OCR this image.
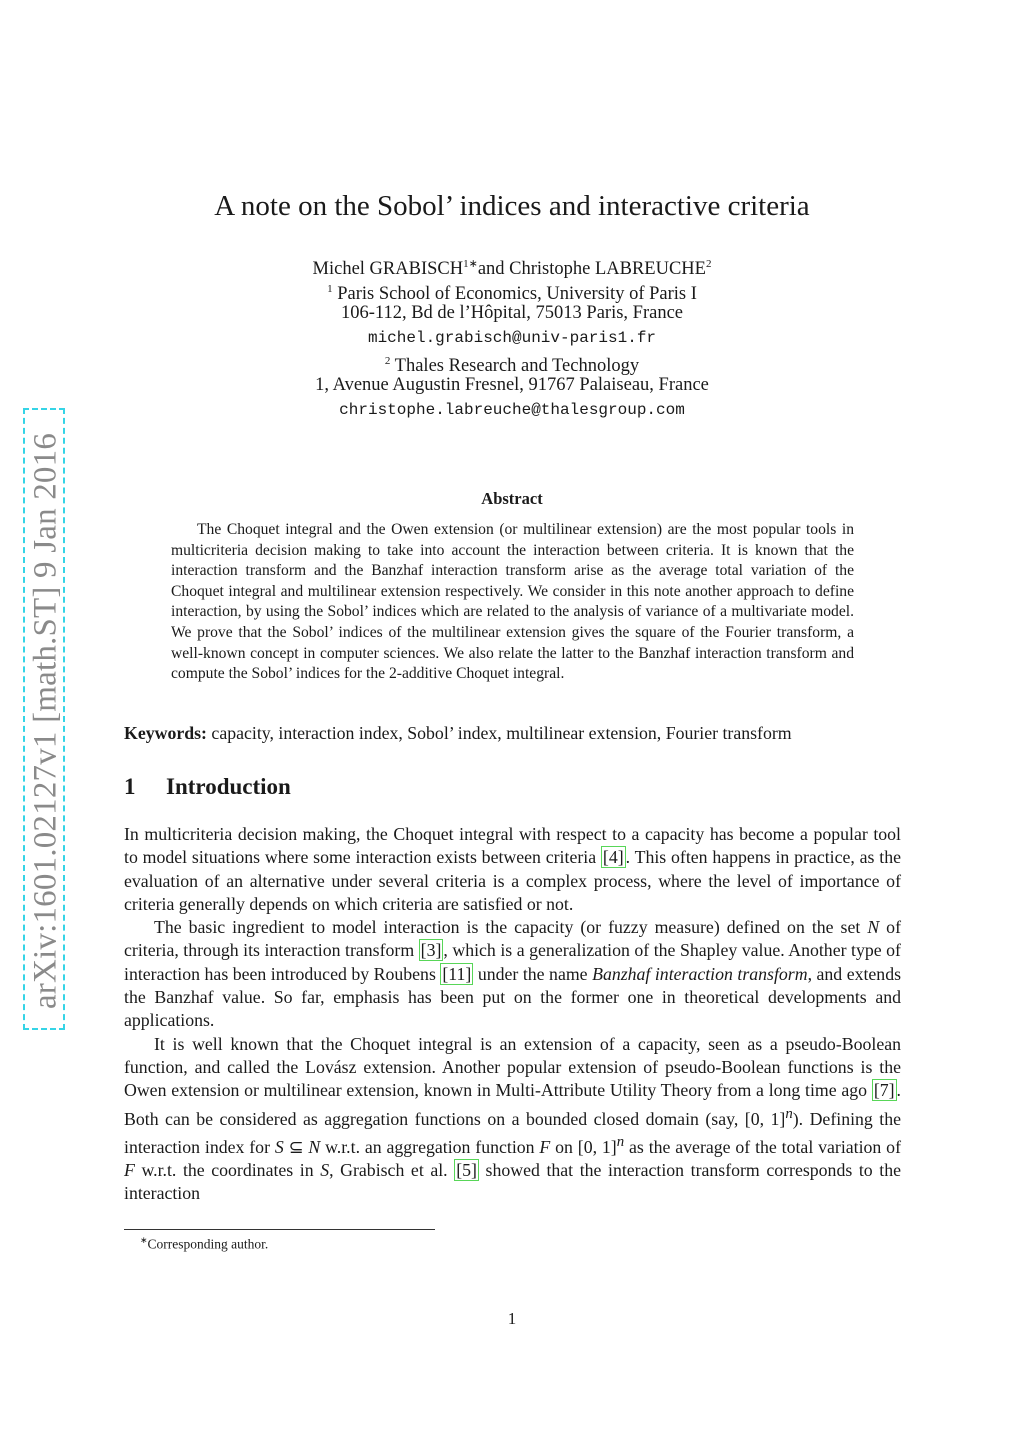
arXiv:1601.02127v1 [math.ST] 9 Jan 2016
A note on the Sobol’ indices and interactive criteria
Michel $GRABISCH^{1∗}and$ Christophe LABREUCHE$^2$
$^1$ Paris School of Economics, University of Paris I
106-112, Bd de l’Hôpital, 75013 Paris, France
michel.grabisch@univ-paris1.fr
$^2$ Thales Research and Technology
1, Avenue Augustin Fresnel, 91767 Palaiseau, France
christophe.labreuche@thalesgroup.com
Abstract

The Choquet integral and the Owen extension (or multilinear extension) are the most popular tools in multicriteria decision making to take into account the interaction between criteria. It is known that the interaction transform and the Banzhaf interaction transform arise as the average total variation of the Choquet integral and multilinear extension respectively. We consider in this note another approach to define interaction, by using the Sobol’ indices which are related to the analysis of variance of a multivariate model. We prove that the Sobol’ indices of the multilinear extension gives the square of the Fourier transform, a well-known concept in computer sciences. We also relate the latter to the Banzhaf interaction transform and compute the Sobol’ indices for the 2-additive Choquet integral.

Keywords: capacity, interaction index, Sobol’ index, multilinear extension, Fourier transform
1 Introduction

In multicriteria decision making, the Choquet integral with respect to a capacity has become a popular tool to model situations where some interaction exists between criteria [4] . This often happens in practice, as the evaluation of an alternative under several criteria is a complex process, where the level of importance of criteria generally depends on which criteria are satisfied or not.

The basic ingredient to model interaction is the capacity (or fuzzy measure) defined on the set N of criteria, through its interaction transform [3] , which is a generalization of the Shapley value. Another type of interaction has been introduced by Roubens [11] under the name Banzhaf interaction transform, and extends the Banzhaf value. So far, emphasis has been put on the former one in theoretical developments and applications.

It is well known that the Choquet integral is an extension of a capacity, seen as a pseudo-Boolean function, and called the Lovász extension. Another popular extension of pseudo-Boolean functions is the Owen extension or multilinear extension, known in Multi-Attribute Utility Theory from a long time ago [7] . Both can be considered as aggregation functions on a bounded closed domain (say, [0, 1]$^n$). Defining the interaction index for S ⊆ N w.r.t. an aggregation function F on [0, 1]$^n$ as the average of the total variation of F w.r.t. the coordinates in S, Grabisch et al. [5] showed that the interaction transform corresponds to the interaction

∗Corresponding author.
1
